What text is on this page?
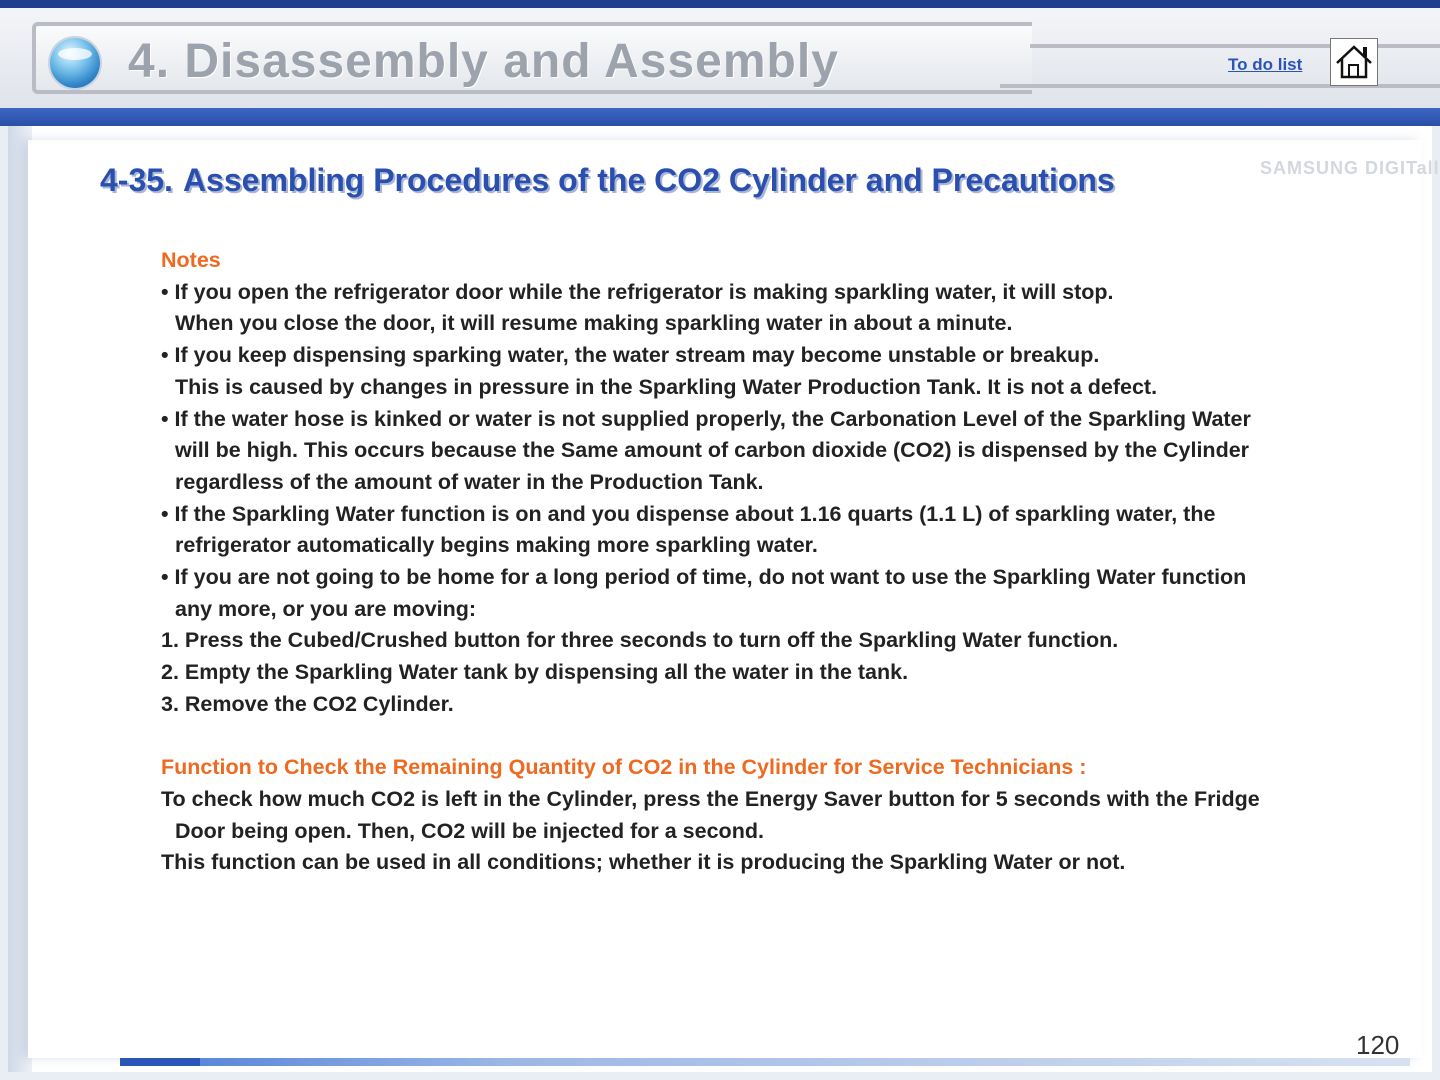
4. Disassembly and Assembly	To do list
SAMSUNG DIGITall
4-35. Assembling Procedures of the CO2 Cylinder and Precautions
Notes
• If you open the refrigerator door while the refrigerator is making sparkling water, it will stop.
When you close the door, it will resume making sparkling water in about a minute.
• If you keep dispensing sparking water, the water stream may become unstable or breakup.
This is caused by changes in pressure in the Sparkling Water Production Tank. It is not a defect.
• If the water hose is kinked or water is not supplied properly, the Carbonation Level of the Sparkling Water
will be high. This occurs because the Same amount of carbon dioxide (CO2) is dispensed by the Cylinder
regardless of the amount of water in the Production Tank.
• If the Sparkling Water function is on and you dispense about 1.16 quarts (1.1 L) of sparkling water, the
refrigerator automatically begins making more sparkling water.
• If you are not going to be home for a long period of time, do not want to use the Sparkling Water function
any more, or you are moving:
1. Press the Cubed/Crushed button for three seconds to turn off the Sparkling Water function.
2. Empty the Sparkling Water tank by dispensing all the water in the tank.
3. Remove the CO2 Cylinder.
Function to Check the Remaining Quantity of CO2 in the Cylinder for Service Technicians :
To check how much CO2 is left in the Cylinder, press the Energy Saver button for 5 seconds with the Fridge
Door being open. Then, CO2 will be injected for a second.
This function can be used in all conditions; whether it is producing the Sparkling Water or not.
120
